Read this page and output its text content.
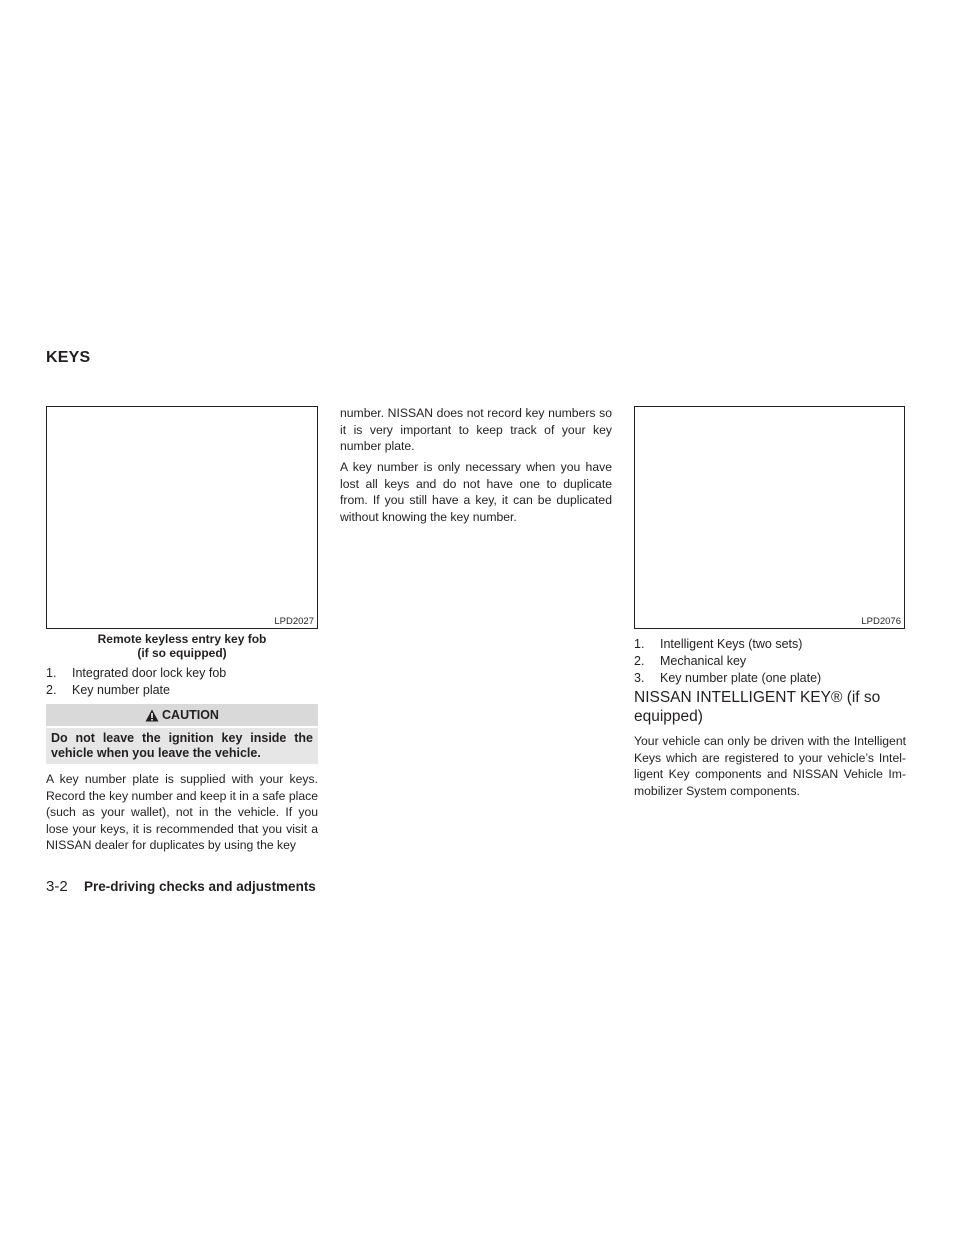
KEYS
LPD2027
Remote keyless entry key fob
(if so equipped)
1.	Integrated door lock key fob
2.	Key number plate
CAUTION
Do not leave the ignition key inside the vehicle when you leave the vehicle.

A key number plate is supplied with your keys. Record the key number and keep it in a safe place (such as your wallet), not in the vehicle. If you lose your keys, it is recommended that you visit a NISSAN dealer for duplicates by using the key

number. NISSAN does not record key numbers so it is very important to keep track of your key number plate.

A key number is only necessary when you have lost all keys and do not have one to duplicate from. If you still have a key, it can be duplicated without knowing the key number.

LPD2076
1.	Intelligent Keys (two sets)
2.	Mechanical key
3.	Key number plate (one plate)
NISSAN INTELLIGENT KEY® (if so equipped)

Your vehicle can only be driven with the Intelligent Keys which are registered to your vehicle’s Intel-ligent Key components and NISSAN Vehicle Im-mobilizer System components.

3-2 Pre-driving checks and adjustments
